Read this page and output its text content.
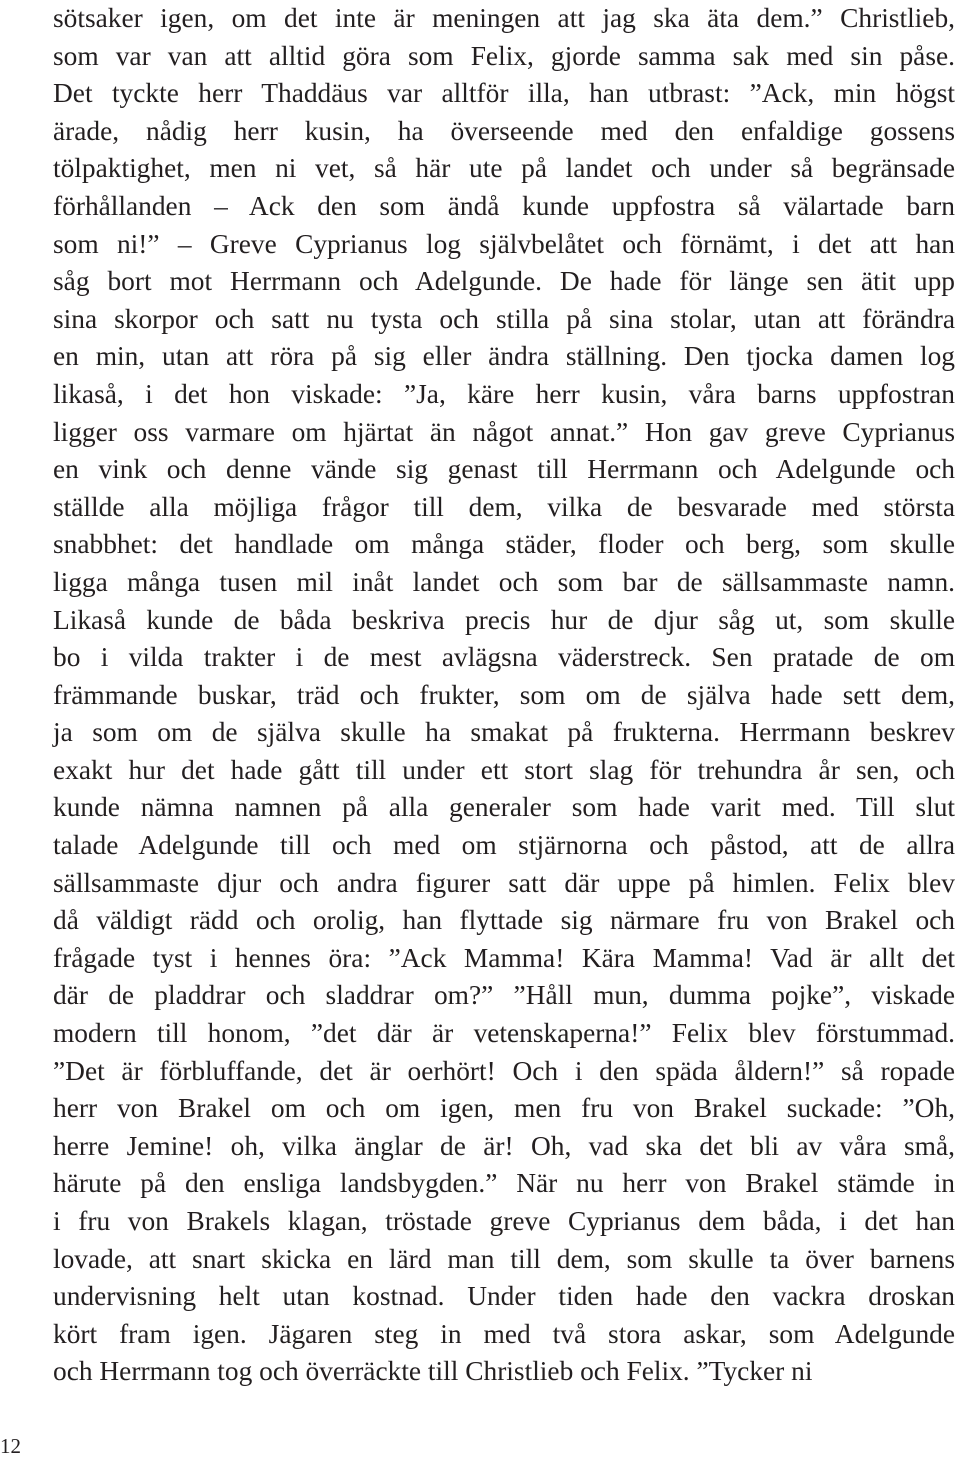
sötsaker igen, om det inte är meningen att jag ska äta dem.” Christlieb,
som var van att alltid göra som Felix, gjorde samma sak med sin påse.
Det tyckte herr Thaddäus var alltför illa, han utbrast: ”Ack, min högst
ärade, nådig herr kusin, ha överseende med den enfaldige gossens
tölpaktighet, men ni vet, så här ute på landet och under så begränsade
förhållanden – Ack den som ändå kunde uppfostra så välartade barn
som ni!” – Greve Cyprianus log självbelåtet och förnämt, i det att han
såg bort mot Herrmann och Adelgunde. De hade för länge sen ätit upp
sina skorpor och satt nu tysta och stilla på sina stolar, utan att förändra
en min, utan att röra på sig eller ändra ställning. Den tjocka damen log
likaså, i det hon viskade: ”Ja, käre herr kusin, våra barns uppfostran
ligger oss varmare om hjärtat än något annat.” Hon gav greve Cyprianus
en vink och denne vände sig genast till Herrmann och Adelgunde och
ställde alla möjliga frågor till dem, vilka de besvarade med största
snabbhet: det handlade om många städer, floder och berg, som skulle
ligga många tusen mil inåt landet och som bar de sällsammaste namn.
Likaså kunde de båda beskriva precis hur de djur såg ut, som skulle
bo i vilda trakter i de mest avlägsna väderstreck. Sen pratade de om
främmande buskar, träd och frukter, som om de själva hade sett dem,
ja som om de själva skulle ha smakat på frukterna. Herrmann beskrev
exakt hur det hade gått till under ett stort slag för trehundra år sen, och
kunde nämna namnen på alla generaler som hade varit med. Till slut
talade Adelgunde till och med om stjärnorna och påstod, att de allra
sällsammaste djur och andra figurer satt där uppe på himlen. Felix blev
då väldigt rädd och orolig, han flyttade sig närmare fru von Brakel och
frågade tyst i hennes öra: ”Ack Mamma! Kära Mamma! Vad är allt det
där de pladdrar och sladdrar om?” ”Håll mun, dumma pojke”, viskade
modern till honom, ”det där är vetenskaperna!” Felix blev förstummad.
”Det är förbluffande, det är oerhört! Och i den späda åldern!” så ropade
herr von Brakel om och om igen, men fru von Brakel suckade: ”Oh,
herre Jemine! oh, vilka änglar de är! Oh, vad ska det bli av våra små,
härute på den ensliga landsbygden.” När nu herr von Brakel stämde in
i fru von Brakels klagan, tröstade greve Cyprianus dem båda, i det han
lovade, att snart skicka en lärd man till dem, som skulle ta över barnens
undervisning helt utan kostnad. Under tiden hade den vackra droskan
kört fram igen. Jägaren steg in med två stora askar, som Adelgunde
och Herrmann tog och överräckte till Christlieb och Felix. ”Tycker ni
12
